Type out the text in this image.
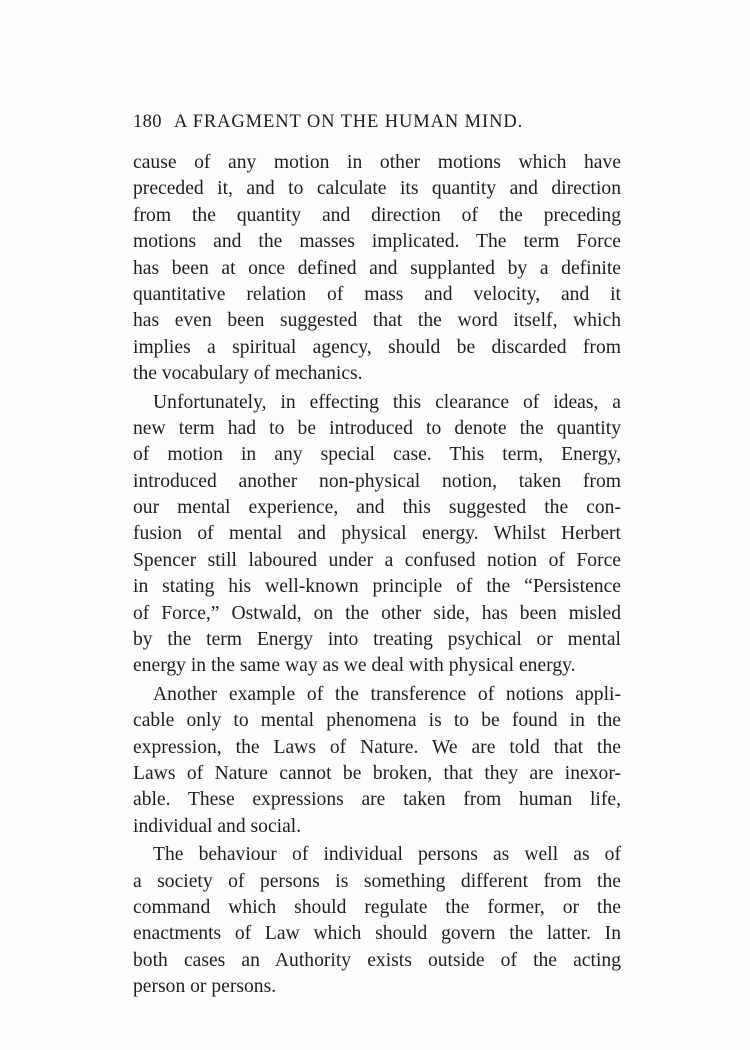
180 A FRAGMENT ON THE HUMAN MIND.
cause of any motion in other motions which have
preceded it, and to calculate its quantity and direction
from the quantity and direction of the preceding
motions and the masses implicated. The term Force
has been at once defined and supplanted by a definite
quantitative relation of mass and velocity, and it
has even been suggested that the word itself, which
implies a spiritual agency, should be discarded from
the vocabulary of mechanics.
Unfortunately, in effecting this clearance of ideas, a
new term had to be introduced to denote the quantity
of motion in any special case. This term, Energy,
introduced another non-physical notion, taken from
our mental experience, and this suggested the con-
fusion of mental and physical energy. Whilst Herbert
Spencer still laboured under a confused notion of Force
in stating his well-known principle of the “Persistence
of Force,” Ostwald, on the other side, has been misled
by the term Energy into treating psychical or mental
energy in the same way as we deal with physical energy.
Another example of the transference of notions appli-
cable only to mental phenomena is to be found in the
expression, the Laws of Nature. We are told that the
Laws of Nature cannot be broken, that they are inexor-
able. These expressions are taken from human life,
individual and social.
The behaviour of individual persons as well as of
a society of persons is something different from the
command which should regulate the former, or the
enactments of Law which should govern the latter. In
both cases an Authority exists outside of the acting
person or persons.
